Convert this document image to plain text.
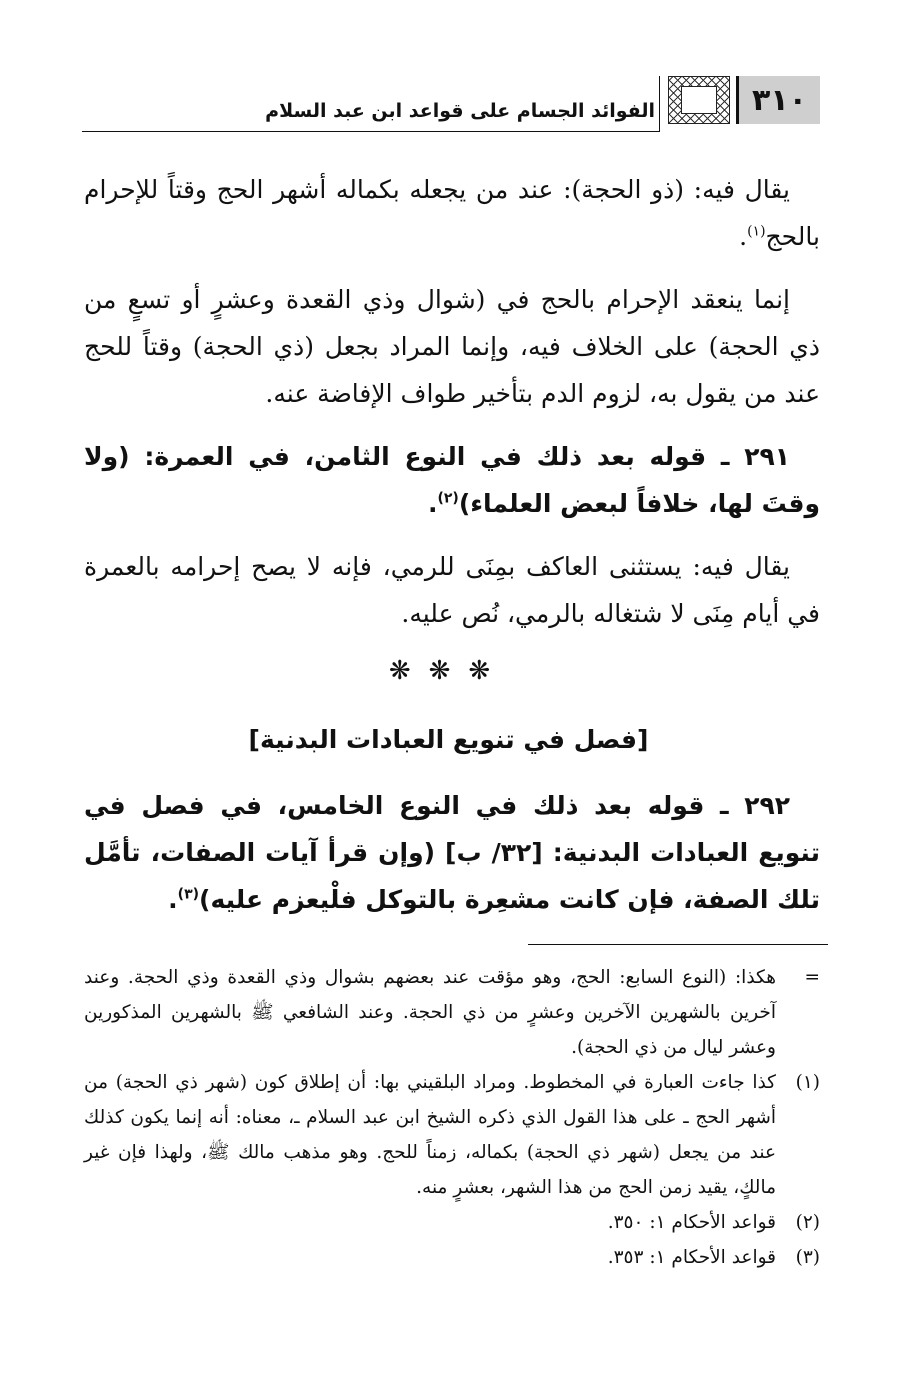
٣١٠
الفوائد الجسام على قواعد ابن عبد السلام

يقال فيه: (ذو الحجة): عند من يجعله بكماله أشهر الحج وقتاً للإحرام بالحج$^{(١)}$.

إنما ينعقد الإحرام بالحج في (شوال وذي القعدة وعشرٍ أو تسعٍ من ذي الحجة) على الخلاف فيه، وإنما المراد بجعل (ذي الحجة) وقتاً للحج عند من يقول به، لزوم الدم بتأخير طواف الإفاضة عنه.

٢٩١ ـ قوله بعد ذلك في النوع الثامن، في العمرة: (ولا وقتَ لها، خلافاً لبعض العلماء)$^{(٢)}$.

يقال فيه: يستثنى العاكف بمِنَى للرمي، فإنه لا يصح إحرامه بالعمرة في أيام مِنَى لا شتغاله بالرمي، نُص عليه.

❋❋❋
[فصل في تنويع العبادات البدنية]

٢٩٢ ـ قوله بعد ذلك في النوع الخامس، في فصل في تنويع العبادات البدنية: [٣٢/ ب] (وإن قرأ آيات الصفات، تأمَّل تلك الصفة، فإن كانت مشعِرة بالتوكل فلْيعزم عليه)$^{(٣)}$.

=
هكذا: (النوع السابع: الحج، وهو مؤقت عند بعضهم بشوال وذي القعدة وذي الحجة. وعند آخرين بالشهرين الآخرين وعشرٍ من ذي الحجة. وعند الشافعي ﷺ بالشهرين المذكورين وعشر ليال من ذي الحجة).
(١)
كذا جاءت العبارة في المخطوط. ومراد البلقيني بها: أن إطلاق كون (شهر ذي الحجة) من أشهر الحج ـ على هذا القول الذي ذكره الشيخ ابن عبد السلام ـ، معناه: أنه إنما يكون كذلك عند من يجعل (شهر ذي الحجة) بكماله، زمناً للحج. وهو مذهب مالك ﷺ، ولهذا فإن غير مالكٍ، يقيد زمن الحج من هذا الشهر، بعشرٍ منه.
(٢)
قواعد الأحكام ١: ٣٥٠.
(٣)
قواعد الأحكام ١: ٣٥٣.
